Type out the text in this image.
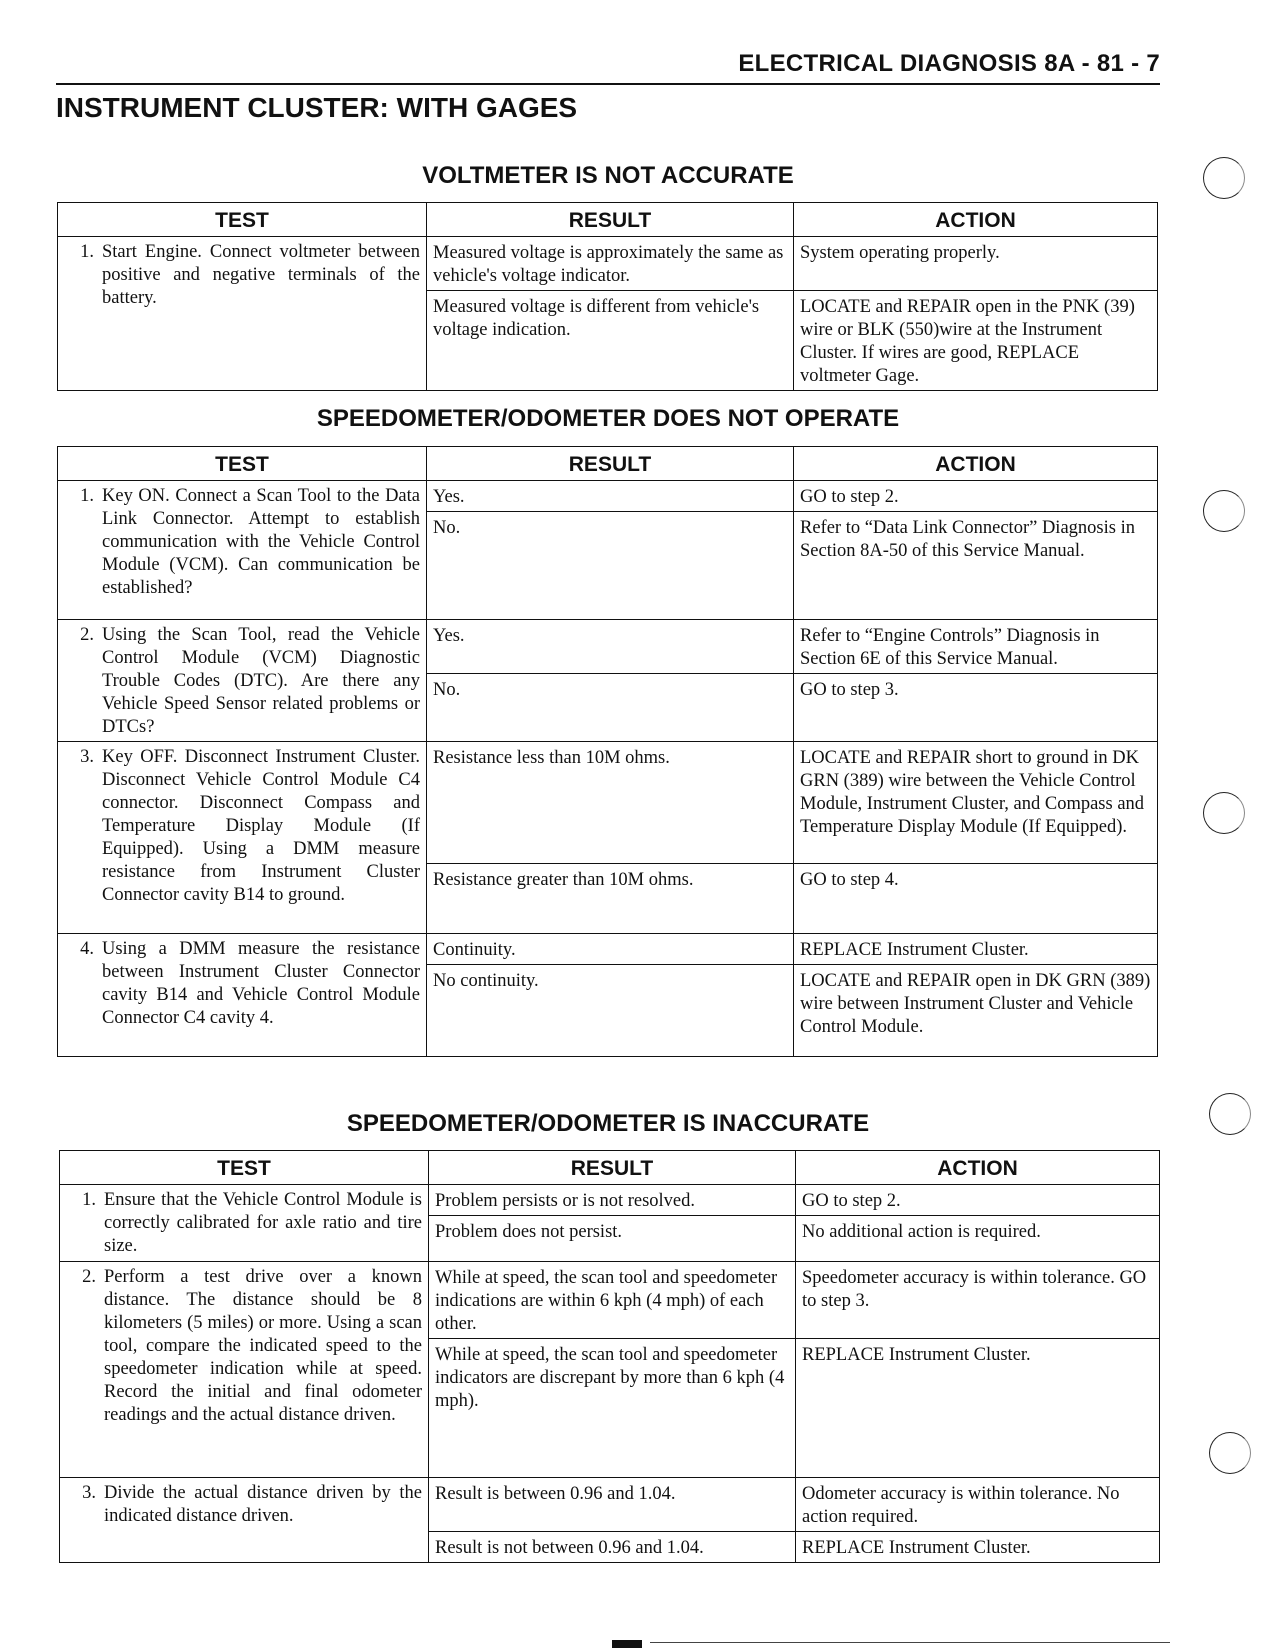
ELECTRICAL DIAGNOSIS 8A - 81 - 7
INSTRUMENT CLUSTER: WITH GAGES
VOLTMETER IS NOT ACCURATE
TEST	RESULT	ACTION

1. Start Engine. Connect voltmeter between positive and negative terminals of the battery.	Measured voltage is approximately the same as vehicle's voltage indicator.	System operating properly.
	Measured voltage is different from vehicle's voltage indication.	LOCATE and REPAIR open in the PNK (39) wire or BLK (550)wire at the Instrument Cluster. If wires are good, REPLACE voltmeter Gage.
SPEEDOMETER/ODOMETER DOES NOT OPERATE
TEST	RESULT	ACTION

1. Key ON. Connect a Scan Tool to the Data Link Connector. Attempt to establish communication with the Vehicle Control Module (VCM). Can communication be established?	Yes.	GO to step 2.
	No.	Refer to “Data Link Connector” Diagnosis in Section 8A-50 of this Service Manual.

2. Using the Scan Tool, read the Vehicle Control Module (VCM) Diagnostic Trouble Codes (DTC). Are there any Vehicle Speed Sensor related problems or DTCs?	Yes.	Refer to “Engine Controls” Diagnosis in Section 6E of this Service Manual.
	No.	GO to step 3.

3. Key OFF. Disconnect Instrument Cluster. Disconnect Vehicle Control Module C4 connector. Disconnect Compass and Temperature Display Module (If Equipped). Using a DMM measure resistance from Instrument Cluster Connector cavity B14 to ground.	Resistance less than 10M ohms.	LOCATE and REPAIR short to ground in DK GRN (389) wire between the Vehicle Control Module, Instrument Cluster, and Compass and Temperature Display Module (If Equipped).
	Resistance greater than 10M ohms.	GO to step 4.

4. Using a DMM measure the resistance between Instrument Cluster Connector cavity B14 and Vehicle Control Module Connector C4 cavity 4.	Continuity.	REPLACE Instrument Cluster.
	No continuity.	LOCATE and REPAIR open in DK GRN (389) wire between Instrument Cluster and Vehicle Control Module.
SPEEDOMETER/ODOMETER IS INACCURATE
TEST	RESULT	ACTION

1. Ensure that the Vehicle Control Module is correctly calibrated for axle ratio and tire size.	Problem persists or is not resolved.	GO to step 2.
	Problem does not persist.	No additional action is required.

2. Perform a test drive over a known distance. The distance should be 8 kilometers (5 miles) or more. Using a scan tool, compare the indicated speed to the speedometer indication while at speed. Record the initial and final odometer readings and the actual distance driven.	While at speed, the scan tool and speedometer indications are within 6 kph (4 mph) of each other.	Speedometer accuracy is within tolerance. GO to step 3.
	While at speed, the scan tool and speedometer indicators are discrepant by more than 6 kph (4 mph).	REPLACE Instrument Cluster.

3. Divide the actual distance driven by the indicated distance driven.	Result is between 0.96 and 1.04.	Odometer accuracy is within tolerance. No action required.
	Result is not between 0.96 and 1.04.	REPLACE Instrument Cluster.
